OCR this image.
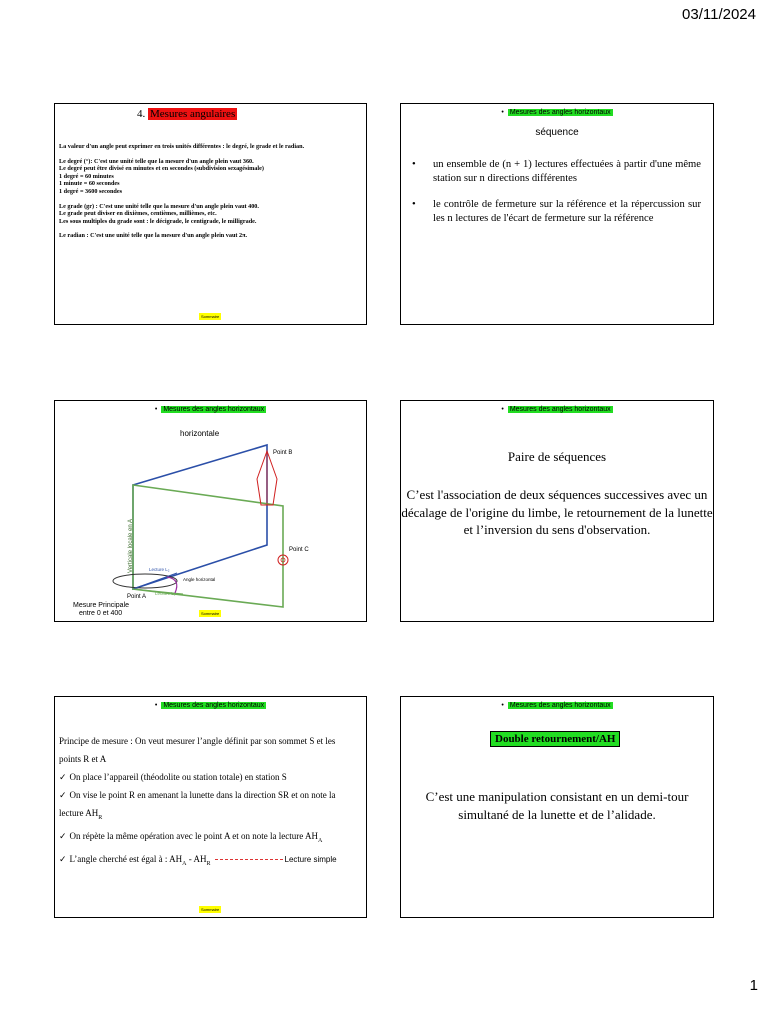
03/11/2024
4. Mesures angulaires

La valeur d'un angle peut exprimer en trois unités différentes : le degré, le grade et le radian.

Le degré (°): C'est une unité telle que la mesure d'un angle plein vaut 360.
Le degré peut être divisé en minutes et en secondes (subdivision sexagésimale)
1 degré = 60 minutes
1 minute = 60 secondes
1 degré = 3600 secondes

Le grade (gr) : C'est une unité telle que la mesure d'un angle plein vaut 400.
Le grade peut diviser en dixièmes, centièmes, millièmes, etc.
Les sous multiples du grade sont : le décigrade, le centigrade, le milligrade.

Le radian : C'est une unité telle que la mesure d'un angle plein vaut 2π.

Sommaire
• Mesures des angles horizontaux
séquence
• un ensemble de (n + 1) lectures effectuées à partir d'une même station sur n directions différentes
• le contrôle de fermeture sur la référence et la répercussion sur les n lectures de l'écart de fermeture sur la référence
• Mesures des angles horizontaux
horizontale
Point B
Point C
Point A
Verticale locale en A
Angle horizontal
Lecture L₂
Lecture L₁
Mesure Principale
entre 0 et 400	Sommaire
• Mesures des angles horizontaux
Paire de séquences
C’est l'association de deux séquences successives avec un décalage de l'origine du limbe, le retournement de la lunette et l’inversion du sens d'observation.
• Mesures des angles horizontaux
Principe de mesure : On veut mesurer l’angle définit par son sommet S et les points R et A
✓ On place l’appareil (théodolite ou station totale) en station S
✓ On vise le point R en amenant la lunette dans la direction SR et on note la lecture $AH_R$
✓ On répète la même opération avec le point A et on note la lecture $AH_A$
✓ L’angle cherché est égal à : $AH_A - AH_R$	Lecture simple
Sommaire
• Mesures des angles horizontaux
Double retournement/AH
C’est une manipulation consistant en un demi-tour simultané de la lunette et de l’alidade.
1
